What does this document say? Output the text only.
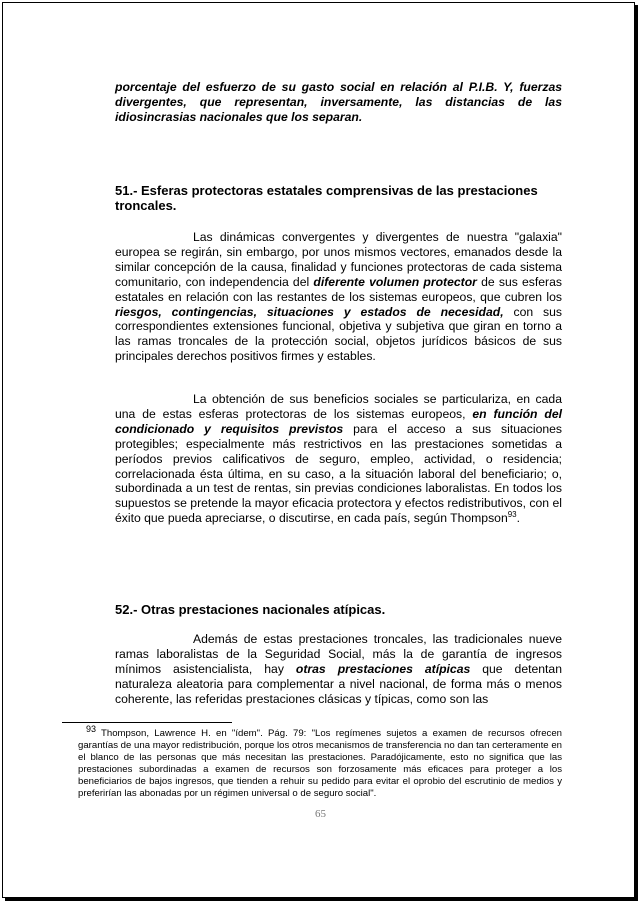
porcentaje del esfuerzo de su gasto social en relación al P.I.B. Y, fuerzas divergentes, que representan, inversamente, las distancias de las idiosincrasias nacionales que los separan.
51.- Esferas protectoras estatales comprensivas de las prestaciones troncales.
Las dinámicas convergentes y divergentes de nuestra "galaxia" europea se regirán, sin embargo, por unos mismos vectores, emanados desde la similar concepción de la causa, finalidad y funciones protectoras de cada sistema comunitario, con independencia del diferente volumen protector de sus esferas estatales en relación con las restantes de los sistemas europeos, que cubren los riesgos, contingencias, situaciones y estados de necesidad, con sus correspondientes extensiones funcional, objetiva y subjetiva que giran en torno a las ramas troncales de la protección social, objetos jurídicos básicos de sus principales derechos positivos firmes y estables.
La obtención de sus beneficios sociales se particulariza, en cada una de estas esferas protectoras de los sistemas europeos, en función del condicionado y requisitos previstos para el acceso a sus situaciones protegibles; especialmente más restrictivos en las prestaciones sometidas a períodos previos calificativos de seguro, empleo, actividad, o residencia; correlacionada ésta última, en su caso, a la situación laboral del beneficiario; o, subordinada a un test de rentas, sin previas condiciones laboralistas. En todos los supuestos se pretende la mayor eficacia protectora y efectos redistributivos, con el éxito que pueda apreciarse, o discutirse, en cada país, según Thompson$^{93}$.
52.- Otras prestaciones nacionales atípicas.
Además de estas prestaciones troncales, las tradicionales nueve ramas laboralistas de la Seguridad Social, más la de garantía de ingresos mínimos asistencialista, hay otras prestaciones atípicas que detentan naturaleza aleatoria para complementar a nivel nacional, de forma más o menos coherente, las referidas prestaciones clásicas y típicas, como son las
93 Thompson, Lawrence H. en "ídem". Pág. 79: "Los regímenes sujetos a examen de recursos ofrecen garantías de una mayor redistribución, porque los otros mecanismos de transferencia no dan tan certeramente en el blanco de las personas que más necesitan las prestaciones. Paradójicamente, esto no significa que las prestaciones subordinadas a examen de recursos son forzosamente más eficaces para proteger a los beneficiarios de bajos ingresos, que tienden a rehuir su pedido para evitar el oprobio del escrutinio de medios y preferirían las abonadas por un régimen universal o de seguro social".
65
